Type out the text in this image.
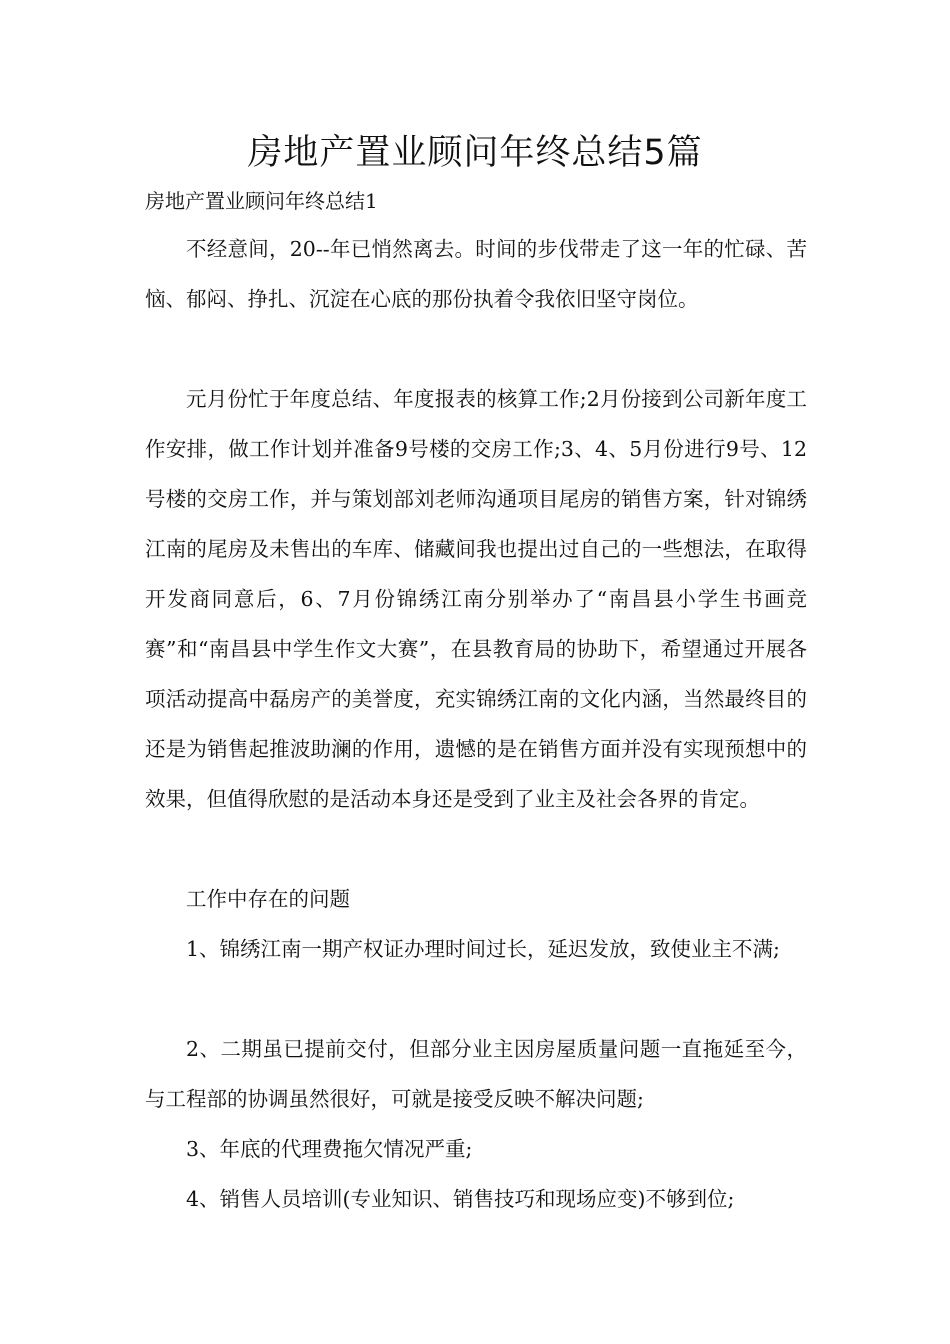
房地产置业顾问年终总结5篇

房地产置业顾问年终总结1

不经意间，20--年已悄然离去。时间的步伐带走了这一年的忙碌、苦恼、郁闷、挣扎、沉淀在心底的那份执着令我依旧坚守岗位。

元月份忙于年度总结、年度报表的核算工作;2月份接到公司新年度工作安排，做工作计划并准备9号楼的交房工作;3、4、5月份进行9号、12号楼的交房工作，并与策划部刘老师沟通项目尾房的销售方案，针对锦绣江南的尾房及未售出的车库、储藏间我也提出过自己的一些想法，在取得开发商同意后，6、7月份锦绣江南分别举办了“南昌县小学生书画竞赛”和“南昌县中学生作文大赛”，在县教育局的协助下，希望通过开展各项活动提高中磊房产的美誉度，充实锦绣江南的文化内涵，当然最终目的还是为销售起推波助澜的作用，遗憾的是在销售方面并没有实现预想中的效果，但值得欣慰的是活动本身还是受到了业主及社会各界的肯定。

工作中存在的问题

1、锦绣江南一期产权证办理时间过长，延迟发放，致使业主不满;

2、二期虽已提前交付，但部分业主因房屋质量问题一直拖延至今，与工程部的协调虽然很好，可就是接受反映不解决问题;

3、年底的代理费拖欠情况严重;

4、销售人员培训(专业知识、销售技巧和现场应变)不够到位;
